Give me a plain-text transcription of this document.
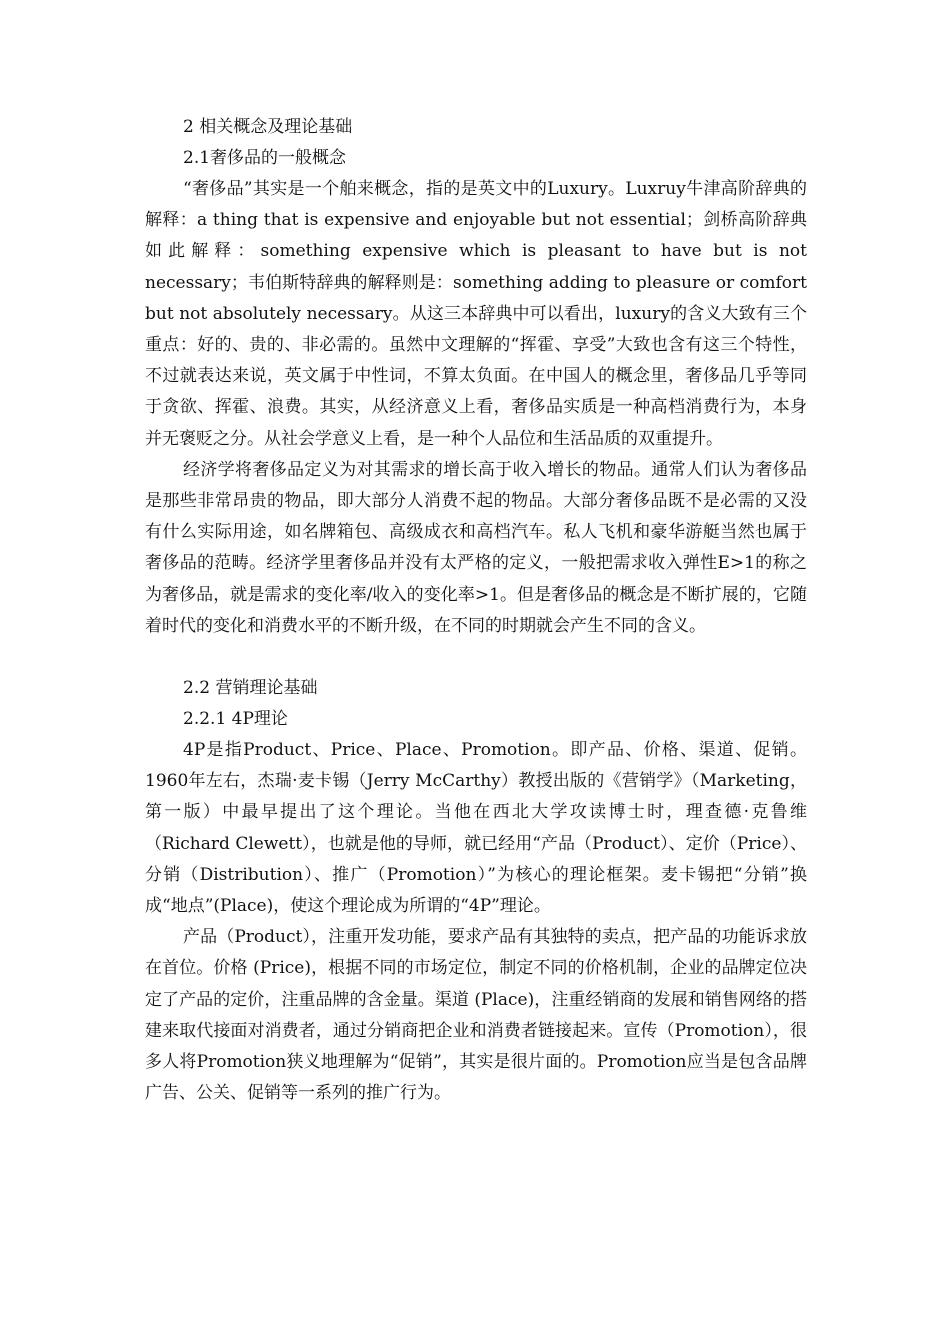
2 相关概念及理论基础
2.1奢侈品的一般概念

“奢侈品”其实是一个舶来概念，指的是英文中的Luxury。Luxruy牛津高阶辞典的解释：a thing that is expensive and enjoyable but not essential；剑桥高阶辞典如此解释：something expensive which is pleasant to have but is not necessary；韦伯斯特辞典的解释则是：something adding to pleasure or comfort but not absolutely necessary。从这三本辞典中可以看出，luxury的含义大致有三个重点：好的、贵的、非必需的。虽然中文理解的“挥霍、享受”大致也含有这三个特性，不过就表达来说，英文属于中性词，不算太负面。在中国人的概念里，奢侈品几乎等同于贪欲、挥霍、浪费。其实，从经济意义上看，奢侈品实质是一种高档消费行为，本身并无褒贬之分。从社会学意义上看，是一种个人品位和生活品质的双重提升。

经济学将奢侈品定义为对其需求的增长高于收入增长的物品。通常人们认为奢侈品是那些非常昂贵的物品，即大部分人消费不起的物品。大部分奢侈品既不是必需的又没有什么实际用途，如名牌箱包、高级成衣和高档汽车。私人飞机和豪华游艇当然也属于奢侈品的范畴。经济学里奢侈品并没有太严格的定义，一般把需求收入弹性E>1的称之为奢侈品，就是需求的变化率/收入的变化率>1。但是奢侈品的概念是不断扩展的，它随着时代的变化和消费水平的不断升级，在不同的时期就会产生不同的含义。

2.2 营销理论基础
2.2.1 4P理论

4P是指Product、Price、Place、Promotion。即产品、价格、渠道、促销。1960年左右，杰瑞·麦卡锡（Jerry McCarthy）教授出版的《营销学》（Marketing，第一版）中最早提出了这个理论。当他在西北大学攻读博士时，理查德·克鲁维（Richard Clewett），也就是他的导师，就已经用“产品（Product）、定价（Price）、分销（Distribution）、推广（Promotion）”为核心的理论框架。麦卡锡把“分销”换成“地点”(Place)，使这个理论成为所谓的“4P”理论。

产品（Product），注重开发功能，要求产品有其独特的卖点，把产品的功能诉求放在首位。价格 (Price)，根据不同的市场定位，制定不同的价格机制，企业的品牌定位决定了产品的定价，注重品牌的含金量。渠道 (Place)，注重经销商的发展和销售网络的搭建来取代接面对消费者，通过分销商把企业和消费者链接起来。宣传（Promotion），很多人将Promotion狭义地理解为“促销”，其实是很片面的。Promotion应当是包含品牌广告、公关、促销等一系列的推广行为。
